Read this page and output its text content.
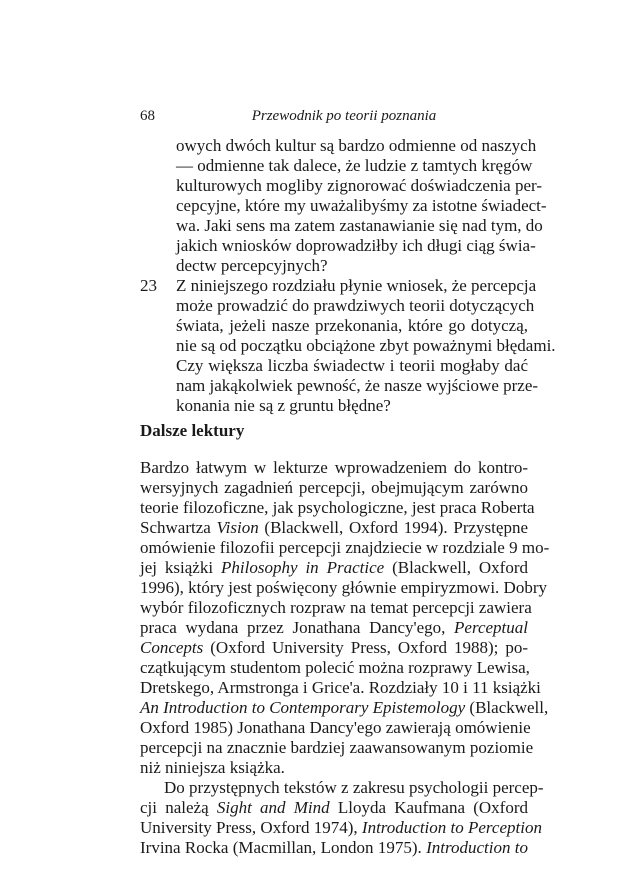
68	Przewodnik po teorii poznania
owych dwóch kultur są bardzo odmienne od naszych
— odmienne tak dalece, że ludzie z tamtych kręgów
kulturowych mogliby zignorować doświadczenia per-
cepcyjne, które my uważalibyśmy za istotne świadect-
wa. Jaki sens ma zatem zastanawianie się nad tym, do
jakich wniosków doprowadziłby ich długi ciąg świa-
dectw percepcyjnych?
23 Z niniejszego rozdziału płynie wniosek, że percepcja
może prowadzić do prawdziwych teorii dotyczących
świata, jeżeli nasze przekonania, które go dotyczą,
nie są od początku obciążone zbyt poważnymi błędami.
Czy większa liczba świadectw i teorii mogłaby dać
nam jakąkolwiek pewność, że nasze wyjściowe prze-
konania nie są z gruntu błędne?
Dalsze lektury
Bardzo łatwym w lekturze wprowadzeniem do kontro-
wersyjnych zagadnień percepcji, obejmującym zarówno
teorie filozoficzne, jak psychologiczne, jest praca Roberta
Schwartza Vision (Blackwell, Oxford 1994). Przystępne
omówienie filozofii percepcji znajdziecie w rozdziale 9 mo-
jej książki Philosophy in Practice (Blackwell, Oxford
1996), który jest poświęcony głównie empiryzmowi. Dobry
wybór filozoficznych rozpraw na temat percepcji zawiera
praca wydana przez Jonathana Dancy'ego, Perceptual
Concepts (Oxford University Press, Oxford 1988); po-
czątkującym studentom polecić można rozprawy Lewisa,
Dretskego, Armstronga i Grice'a. Rozdziały 10 i 11 książki
An Introduction to Contemporary Epistemology (Blackwell,
Oxford 1985) Jonathana Dancy'ego zawierają omówienie
percepcji na znacznie bardziej zaawansowanym poziomie
niż niniejsza książka.
Do przystępnych tekstów z zakresu psychologii percep-
cji należą Sight and Mind Lloyda Kaufmana (Oxford
University Press, Oxford 1974), Introduction to Perception
Irvina Rocka (Macmillan, London 1975). Introduction to
